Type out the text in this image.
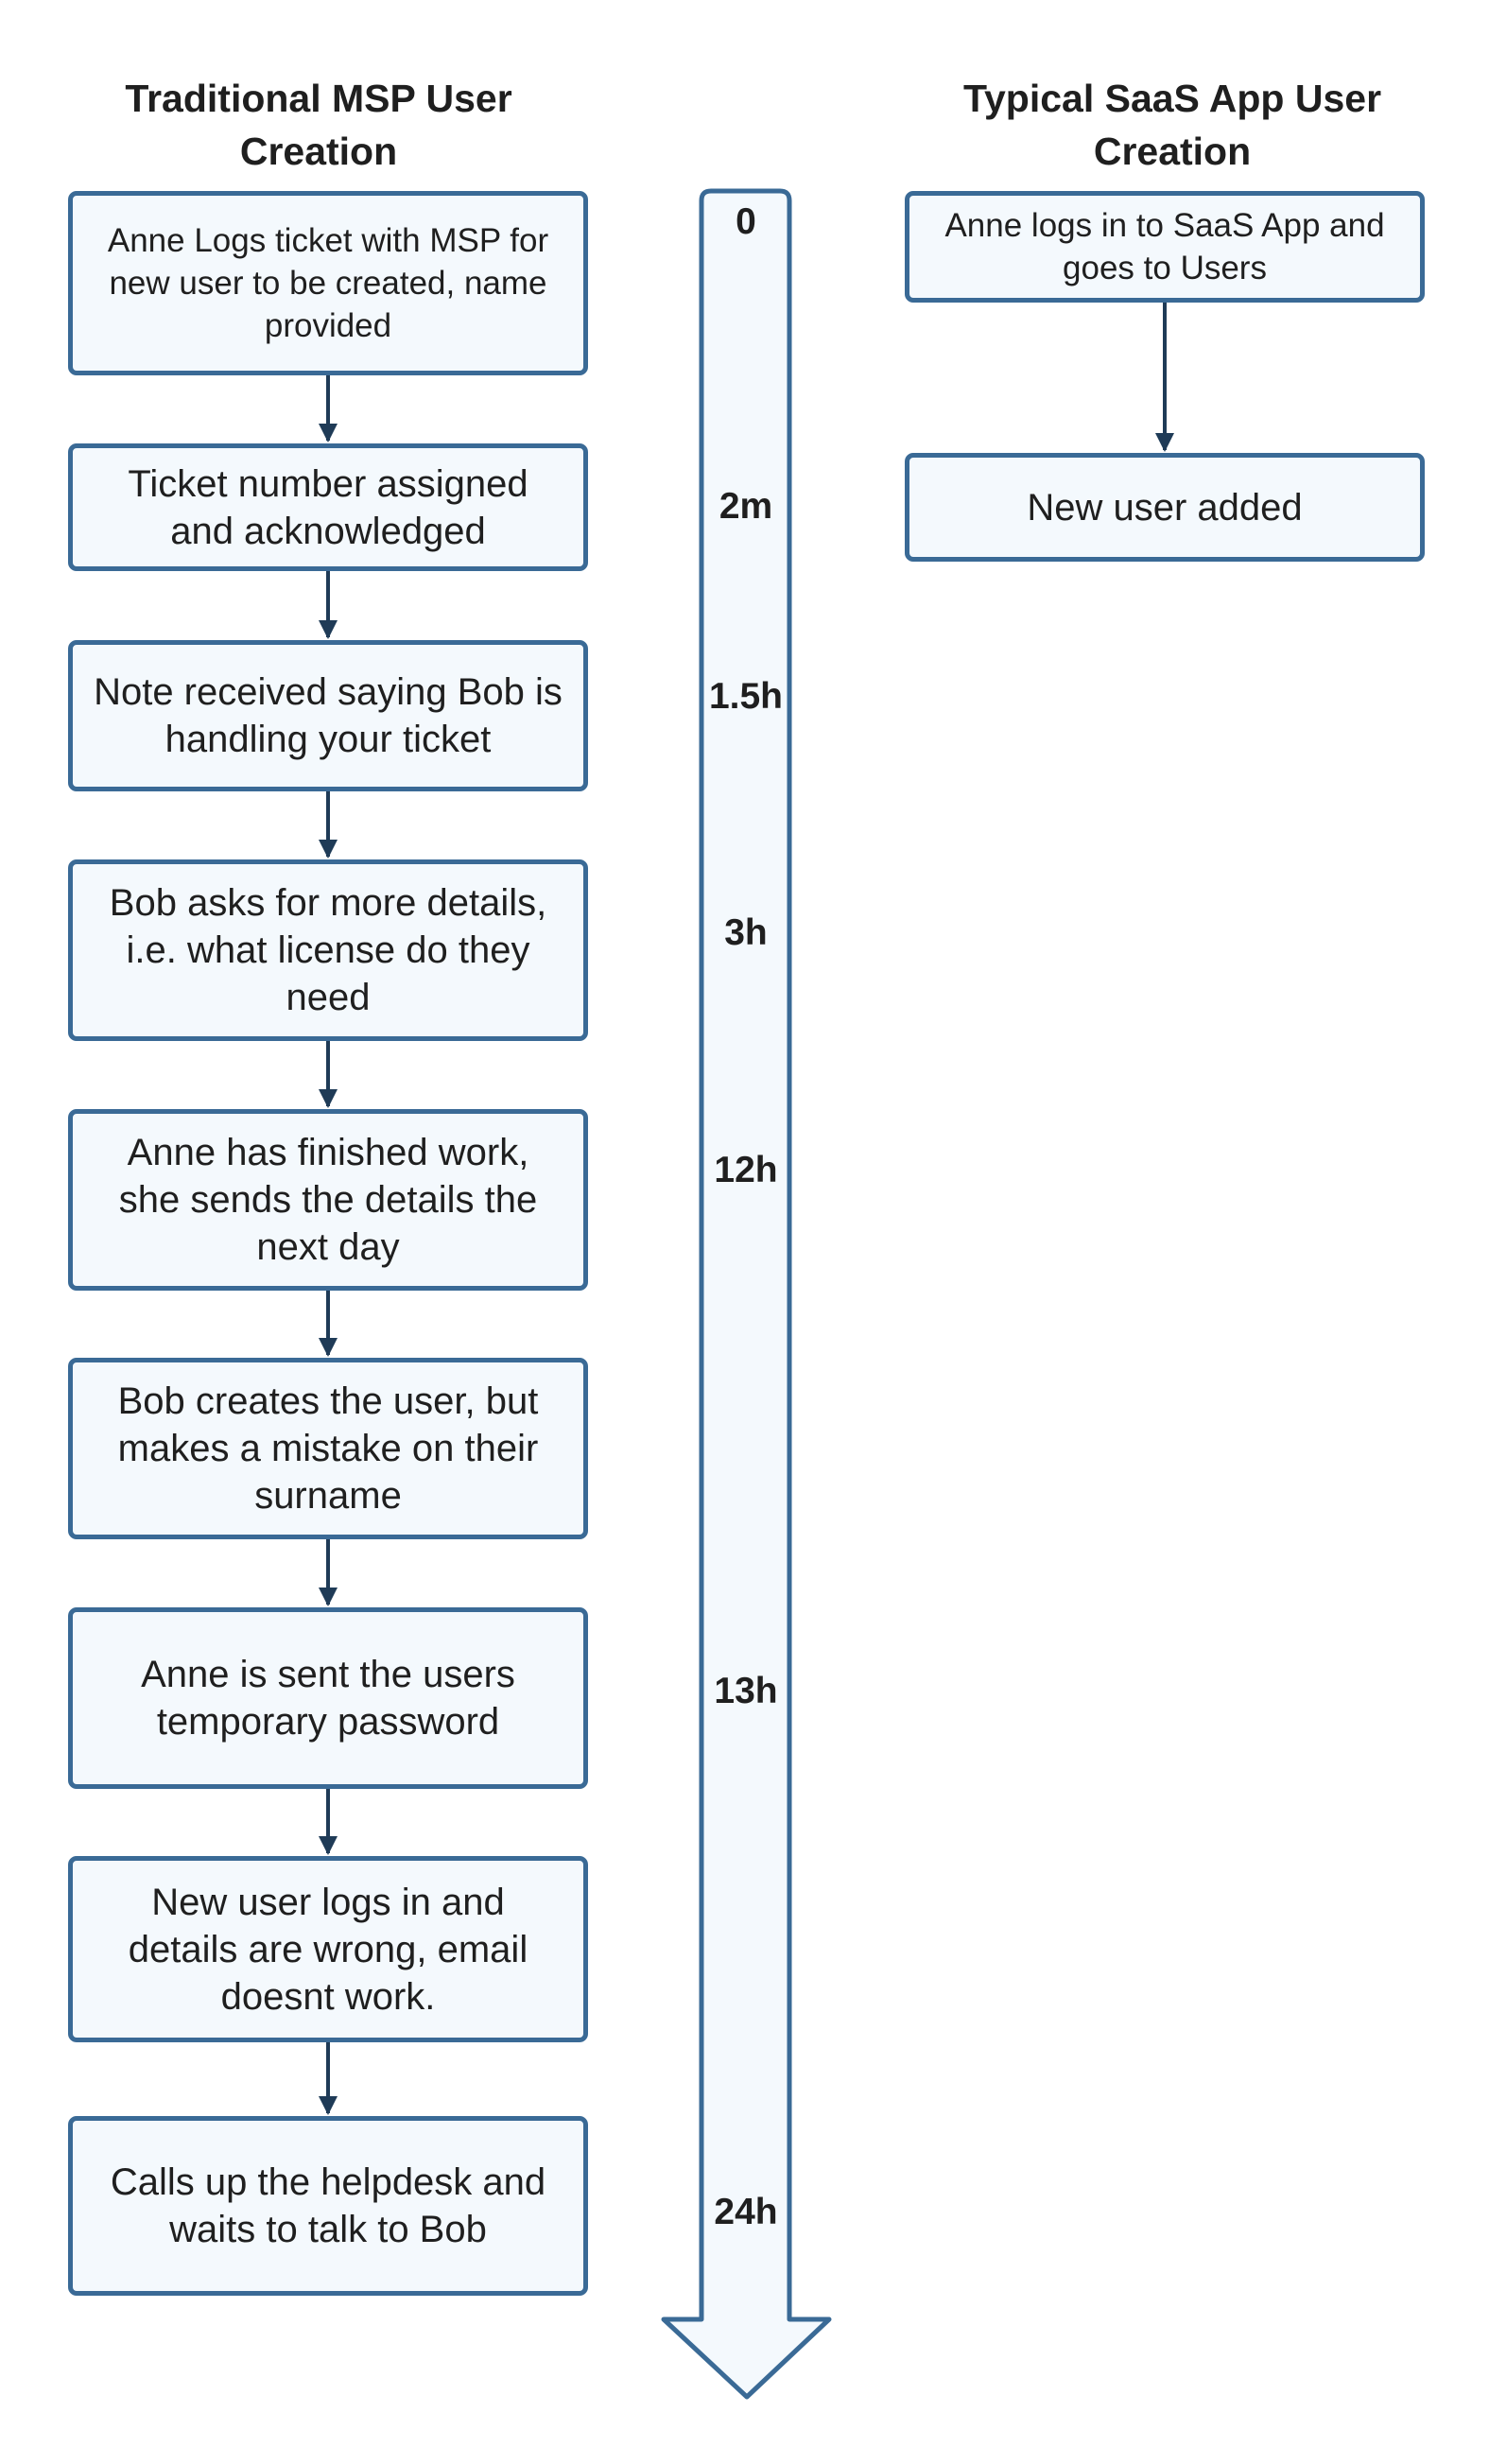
Traditional MSP User Creation
Typical SaaS App User Creation
Anne Logs ticket with MSP for new user to be created, name provided
Ticket number assigned and acknowledged
Note received saying Bob is handling your ticket
Bob asks for more details, i.e. what license do they need
Anne has finished work, she sends the details the next day
Bob creates the user, but makes a mistake on their surname
Anne is sent the users temporary password
New user logs in and details are wrong, email doesnt work.
Calls up the helpdesk and waits to talk to Bob
Anne logs in to SaaS App and goes to Users
New user added
0
2m
1.5h
3h
12h
13h
24h
